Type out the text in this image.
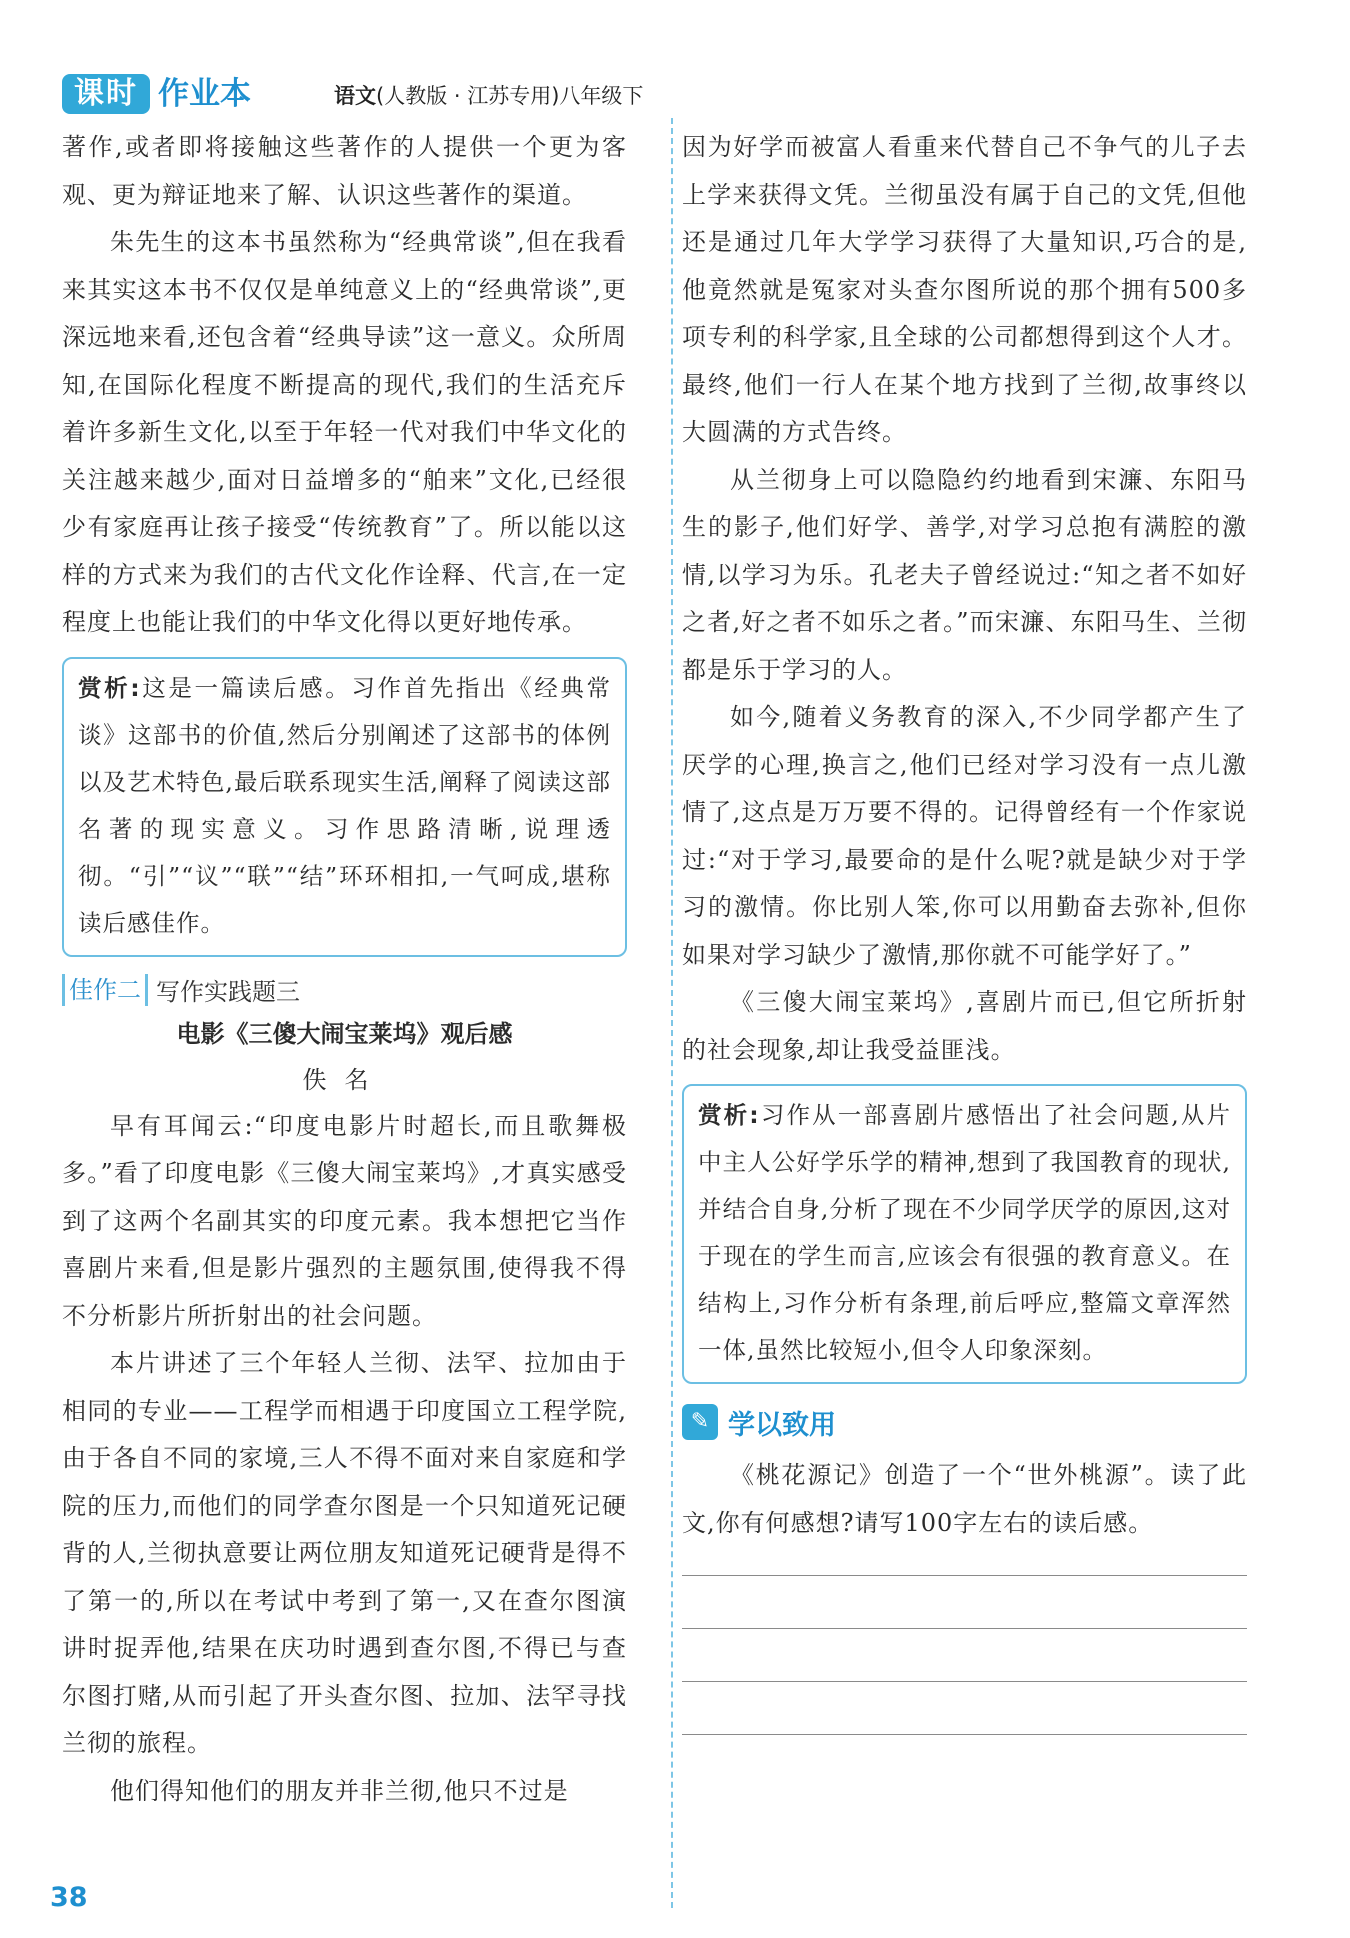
课时 作业本	语文(人教版 · 江苏专用)八年级下

著作,或者即将接触这些著作的人提供一个更为客观、更为辩证地来了解、认识这些著作的渠道。

朱先生的这本书虽然称为“经典常谈”,但在我看来其实这本书不仅仅是单纯意义上的“经典常谈”,更深远地来看,还包含着“经典导读”这一意义。众所周知,在国际化程度不断提高的现代,我们的生活充斥着许多新生文化,以至于年轻一代对我们中华文化的关注越来越少,面对日益增多的“舶来”文化,已经很少有家庭再让孩子接受“传统教育”了。所以能以这样的方式来为我们的古代文化作诠释、代言,在一定程度上也能让我们的中华文化得以更好地传承。

赏析:这是一篇读后感。习作首先指出《经典常谈》这部书的价值,然后分别阐述了这部书的体例以及艺术特色,最后联系现实生活,阐释了阅读这部名著的现实意义。习作思路清晰,说理透彻。“引”“议”“联”“结”环环相扣,一气呵成,堪称读后感佳作。

佳作二 写作实践题三
电影《三傻大闹宝莱坞》观后感
佚名

早有耳闻云:“印度电影片时超长,而且歌舞极多。”看了印度电影《三傻大闹宝莱坞》,才真实感受到了这两个名副其实的印度元素。我本想把它当作喜剧片来看,但是影片强烈的主题氛围,使得我不得不分析影片所折射出的社会问题。

本片讲述了三个年轻人兰彻、法罕、拉加由于相同的专业——工程学而相遇于印度国立工程学院,由于各自不同的家境,三人不得不面对来自家庭和学院的压力,而他们的同学查尔图是一个只知道死记硬背的人,兰彻执意要让两位朋友知道死记硬背是得不了第一的,所以在考试中考到了第一,又在查尔图演讲时捉弄他,结果在庆功时遇到查尔图,不得已与查尔图打赌,从而引起了开头查尔图、拉加、法罕寻找兰彻的旅程。

他们得知他们的朋友并非兰彻,他只不过是

因为好学而被富人看重来代替自己不争气的儿子去上学来获得文凭。兰彻虽没有属于自己的文凭,但他还是通过几年大学学习获得了大量知识,巧合的是,他竟然就是冤家对头查尔图所说的那个拥有500多项专利的科学家,且全球的公司都想得到这个人才。最终,他们一行人在某个地方找到了兰彻,故事终以大圆满的方式告终。

从兰彻身上可以隐隐约约地看到宋濂、东阳马生的影子,他们好学、善学,对学习总抱有满腔的激情,以学习为乐。孔老夫子曾经说过:“知之者不如好之者,好之者不如乐之者。”而宋濂、东阳马生、兰彻都是乐于学习的人。

如今,随着义务教育的深入,不少同学都产生了厌学的心理,换言之,他们已经对学习没有一点儿激情了,这点是万万要不得的。记得曾经有一个作家说过:“对于学习,最要命的是什么呢?就是缺少对于学习的激情。你比别人笨,你可以用勤奋去弥补,但你如果对学习缺少了激情,那你就不可能学好了。”

《三傻大闹宝莱坞》,喜剧片而已,但它所折射的社会现象,却让我受益匪浅。

赏析:习作从一部喜剧片感悟出了社会问题,从片中主人公好学乐学的精神,想到了我国教育的现状,并结合自身,分析了现在不少同学厌学的原因,这对于现在的学生而言,应该会有很强的教育意义。在结构上,习作分析有条理,前后呼应,整篇文章浑然一体,虽然比较短小,但令人印象深刻。

✎ 学以致用

《桃花源记》创造了一个“世外桃源”。读了此文,你有何感想?请写100字左右的读后感。

38
